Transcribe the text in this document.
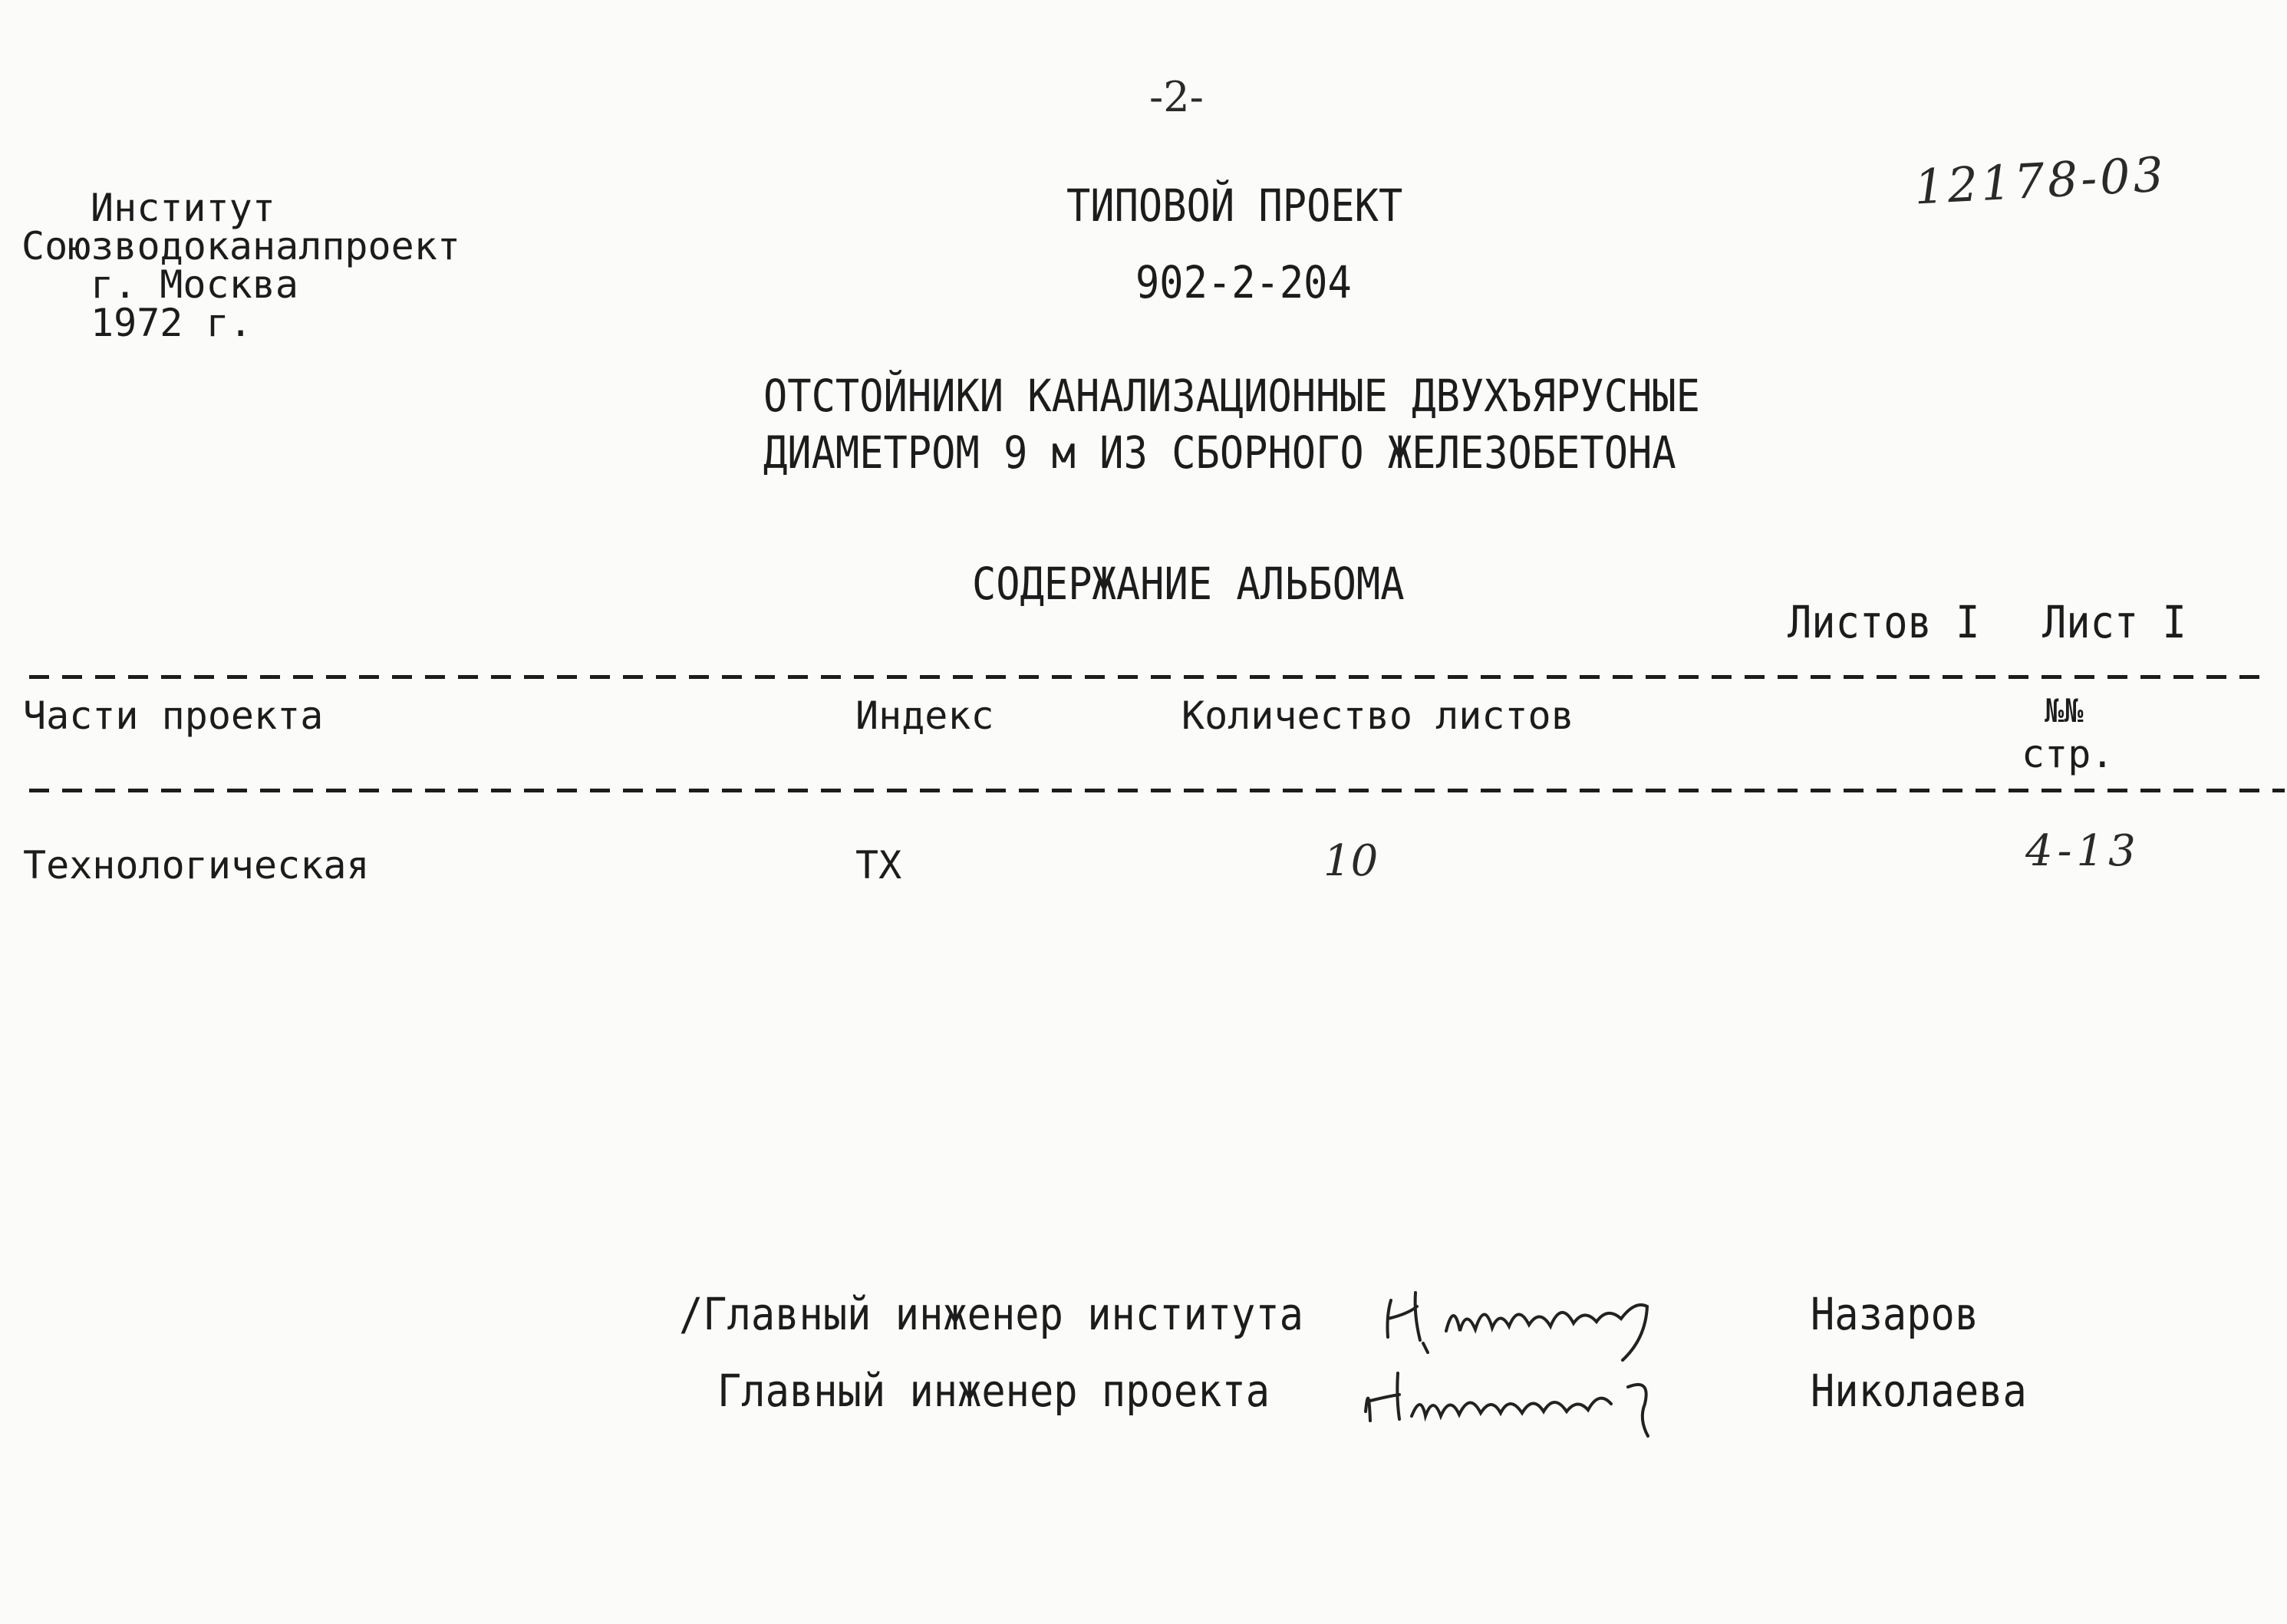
-2-
12178-03
Институт
Союзводоканалпроект
г. Москва
1972 г.
ТИПОВОЙ ПРОЕКТ
902-2-204
ОТСТОЙНИКИ КАНАЛИЗАЦИОННЫЕ ДВУХЪЯРУСНЫЕ
ДИАМЕТРОМ 9 м ИЗ СБОРНОГО ЖЕЛЕЗОБЕТОНА
СОДЕРЖАНИЕ АЛЬБОМА
Листов I Лист I
Части проекта	Индекс	Количество листов	№№
стр.
Технологическая	ТХ	10	4-13
/Главный инженер института	Назаров
Главный инженер проекта	Николаева
